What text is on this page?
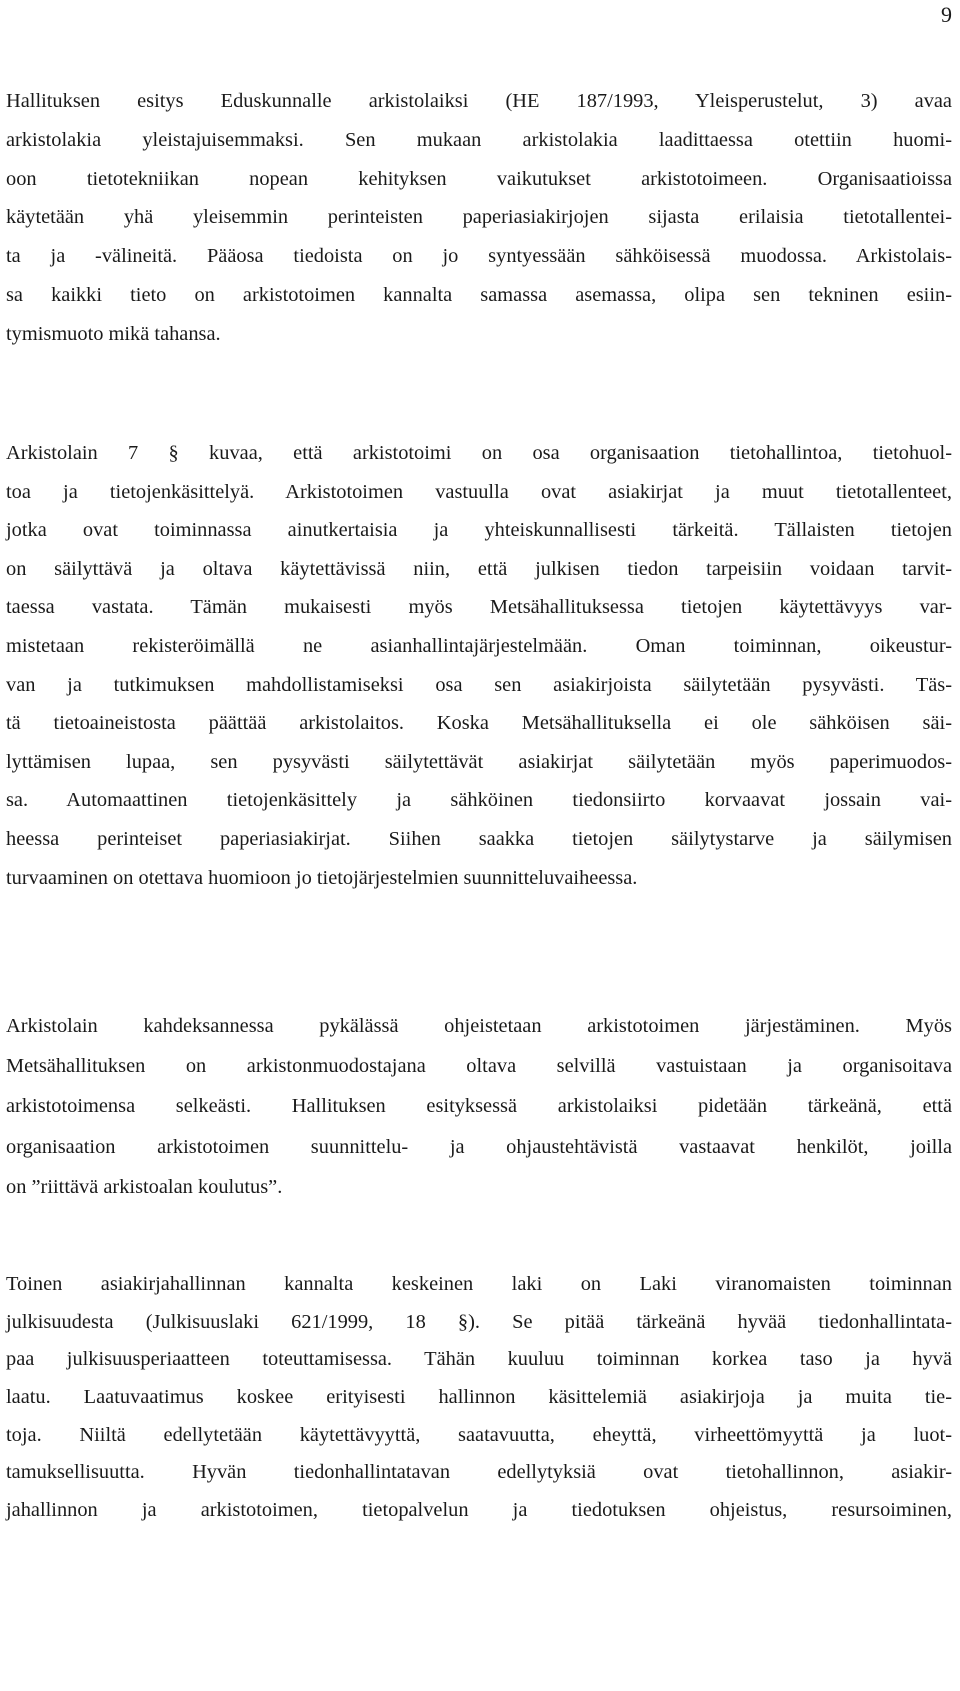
9
Hallituksen esitys Eduskunnalle arkistolaiksi (HE 187/1993, Yleisperustelut, 3) avaa
arkistolakia yleistajuisemmaksi. Sen mukaan arkistolakia laadittaessa otettiin huomi-
oon tietotekniikan nopean kehityksen vaikutukset arkistotoimeen. Organisaatioissa
käytetään yhä yleisemmin perinteisten paperiasiakirjojen sijasta erilaisia tietotallentei-
ta ja -välineitä. Pääosa tiedoista on jo syntyessään sähköisessä muodossa. Arkistolais-
sa kaikki tieto on arkistotoimen kannalta samassa asemassa, olipa sen tekninen esiin-
tymismuoto mikä tahansa.
Arkistolain 7 § kuvaa, että arkistotoimi on osa organisaation tietohallintoa, tietohuol-
toa ja tietojenkäsittelyä. Arkistotoimen vastuulla ovat asiakirjat ja muut tietotallenteet,
jotka ovat toiminnassa ainutkertaisia ja yhteiskunnallisesti tärkeitä. Tällaisten tietojen
on säilyttävä ja oltava käytettävissä niin, että julkisen tiedon tarpeisiin voidaan tarvit-
taessa vastata. Tämän mukaisesti myös Metsähallituksessa tietojen käytettävyys var-
mistetaan rekisteröimällä ne asianhallintajärjestelmään. Oman toiminnan, oikeustur-
van ja tutkimuksen mahdollistamiseksi osa sen asiakirjoista säilytetään pysyvästi. Täs-
tä tietoaineistosta päättää arkistolaitos. Koska Metsähallituksella ei ole sähköisen säi-
lyttämisen lupaa, sen pysyvästi säilytettävät asiakirjat säilytetään myös paperimuodos-
sa. Automaattinen tietojenkäsittely ja sähköinen tiedonsiirto korvaavat jossain vai-
heessa perinteiset paperiasiakirjat. Siihen saakka tietojen säilytystarve ja säilymisen
turvaaminen on otettava huomioon jo tietojärjestelmien suunnitteluvaiheessa.
Arkistolain kahdeksannessa pykälässä ohjeistetaan arkistotoimen järjestäminen. Myös
Metsähallituksen on arkistonmuodostajana oltava selvillä vastuistaan ja organisoitava
arkistotoimensa selkeästi. Hallituksen esityksessä arkistolaiksi pidetään tärkeänä, että
organisaation arkistotoimen suunnittelu- ja ohjaustehtävistä vastaavat henkilöt, joilla
on ”riittävä arkistoalan koulutus”.
Toinen asiakirjahallinnan kannalta keskeinen laki on Laki viranomaisten toiminnan
julkisuudesta (Julkisuuslaki 621/1999, 18 §). Se pitää tärkeänä hyvää tiedonhallintata-
paa julkisuusperiaatteen toteuttamisessa. Tähän kuuluu toiminnan korkea taso ja hyvä
laatu. Laatuvaatimus koskee erityisesti hallinnon käsittelemiä asiakirjoja ja muita tie-
toja. Niiltä edellytetään käytettävyyttä, saatavuutta, eheyttä, virheettömyyttä ja luot-
tamuksellisuutta. Hyvän tiedonhallintatavan edellytyksiä ovat tietohallinnon, asiakir-
jahallinnon ja arkistotoimen, tietopalvelun ja tiedotuksen ohjeistus, resursoiminen,
